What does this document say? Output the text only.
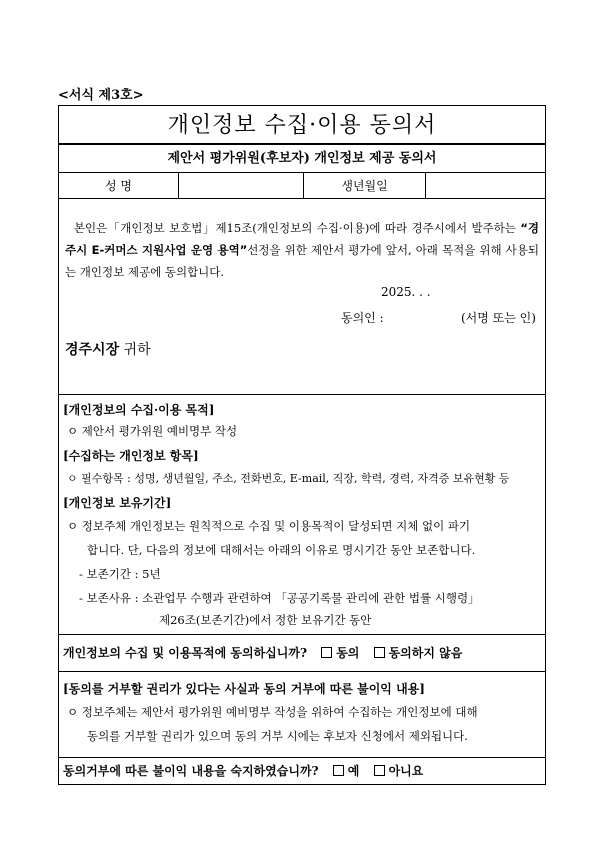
<서식 제3호>
개인정보 수집·이용 동의서
제안서 평가위원(후보자) 개인정보 제공 동의서
성 명	생년월일
본인은「개인정보 보호법」제15조(개인정보의 수집·이용)에 따라 경주시에서 발주하는 “경주시 E-커머스 지원사업 운영 용역”선정을 위한 제안서 평가에 앞서, 아래 목적을 위해 사용되는 개인정보 제공에 동의합니다.
2025. . .
동의인 :	(서명 또는 인)
경주시장 귀하
[개인정보의 수집·이용 목적]
ㅇ 제안서 평가위원 예비명부 작성
[수집하는 개인정보 항목]
ㅇ 필수항목 : 성명, 생년월일, 주소, 전화번호, E-mail, 직장, 학력, 경력, 자격증 보유현황 등
[개인정보 보유기간]
ㅇ 정보주체 개인정보는 원칙적으로 수집 및 이용목적이 달성되면 지체 없이 파기
합니다. 단, 다음의 정보에 대해서는 아래의 이유로 명시기간 동안 보존합니다.
- 보존기간 : 5년
- 보존사유 : 소관업무 수행과 관련하여 「공공기록물 관리에 관한 법률 시행령」
제26조(보존기간)에서 정한 보유기간 동안
개인정보의 수집 및 이용목적에 동의하십니까? 동의 동의하지 않음
[동의를 거부할 권리가 있다는 사실과 동의 거부에 따른 불이익 내용]
ㅇ 정보주체는 제안서 평가위원 예비명부 작성을 위하여 수집하는 개인정보에 대해
동의를 거부할 권리가 있으며 동의 거부 시에는 후보자 신청에서 제외됩니다.
동의거부에 따른 불이익 내용을 숙지하였습니까? 예 아니요
